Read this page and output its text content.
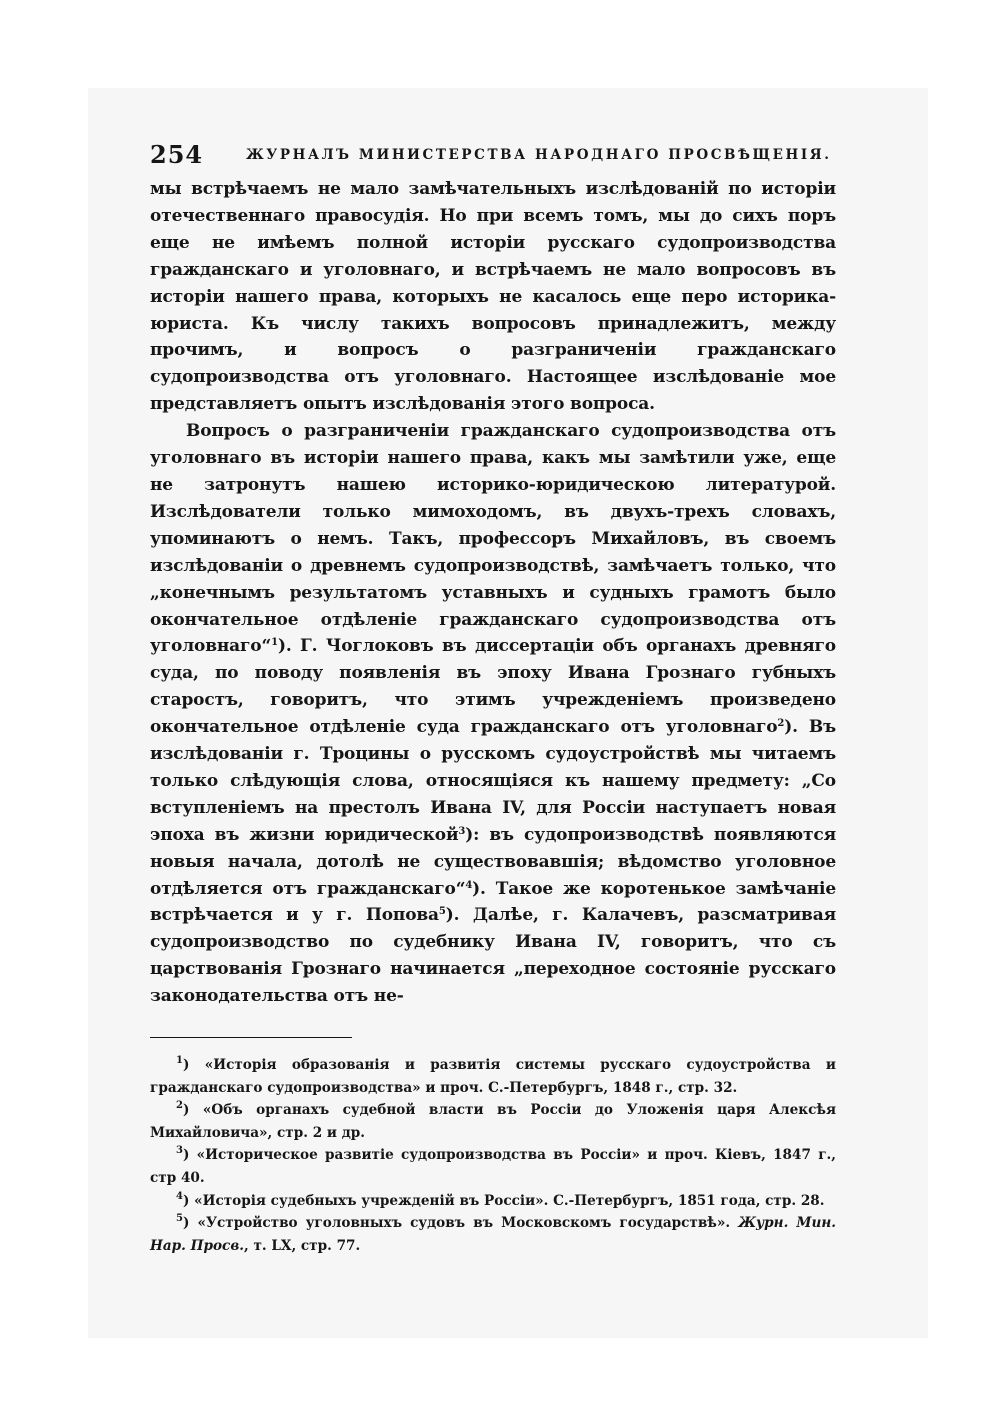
254	ЖУРНАЛЪ МИНИСТЕРСТВА НАРОДНАГО ПРОСВѢЩЕНІЯ.

мы встрѣчаемъ не мало замѣчательныхъ изслѣдованій по исторіи отечественнаго правосудія. Но при всемъ томъ, мы до сихъ поръ еще не имѣемъ полной исторіи русскаго судопроизводства гражданскаго и уголовнаго, и встрѣчаемъ не мало вопросовъ въ исторіи нашего права, которыхъ не касалось еще перо историка-юриста. Къ числу такихъ вопросовъ принадлежитъ, между прочимъ, и вопросъ о разграниченіи гражданскаго судопроизводства отъ уголовнаго. Настоящее изслѣдованіе мое представляетъ опытъ изслѣдованія этого вопроса.

Вопросъ о разграниченіи гражданскаго судопроизводства отъ уголовнаго въ исторіи нашего права, какъ мы замѣтили уже, еще не затронутъ нашею историко-юридическою литературой. Изслѣдователи только мимоходомъ, въ двухъ-трехъ словахъ, упоминаютъ о немъ. Такъ, профессоръ Михайловъ, въ своемъ изслѣдованіи о древнемъ судопроизводствѣ, замѣчаетъ только, что „конечнымъ результатомъ уставныхъ и судныхъ грамотъ было окончательное отдѣленіе гражданскаго судопроизводства отъ уголовнаго“$^1$). Г. Чоглоковъ въ диссертаціи объ органахъ древняго суда, по поводу появленія въ эпоху Ивана Грознаго губныхъ старостъ, говоритъ, что этимъ учрежденіемъ произведено окончательное отдѣленіе суда гражданскаго отъ уголовнаго$^2$). Въ изслѣдованіи г. Троцины о русскомъ судоустройствѣ мы читаемъ только слѣдующія слова, относящіяся къ нашему предмету: „Со вступленіемъ на престолъ Ивана IV, для Россіи наступаетъ новая эпоха въ жизни юридической$^3$): въ судопроизводствѣ появляются новыя начала, дотолѣ не существовавшія; вѣдомство уголовное отдѣляется отъ гражданскаго“$^4$). Такое же коротенькое замѣчаніе встрѣчается и у г. Попова$^5$). Далѣе, г. Калачевъ, разсматривая судопроизводство по судебнику Ивана IV, говоритъ, что съ царствованія Грознаго начинается „переходное состояніе русскаго законодательства отъ не-

$^1$) «Исторія образованія и развитія системы русскаго судоустройства и гражданскаго судопроизводства» и проч. С.-Петербургъ, 1848 г., стр. 32.

$^2$) «Объ органахъ судебной власти въ Россіи до Уложенія царя Алексѣя Михайловича», стр. 2 и др.

$^3$) «Историческое развитіе судопроизводства въ Россіи» и проч. Кіевъ, 1847 г., стр 40.

$^4$) «Исторія судебныхъ учрежденій въ Россіи». С.-Петербургъ, 1851 года, стр. 28.

$^5$) «Устройство уголовныхъ судовъ въ Московскомъ государствѣ». Журн. Мин. Нар. Просв., т. LX, стр. 77.
